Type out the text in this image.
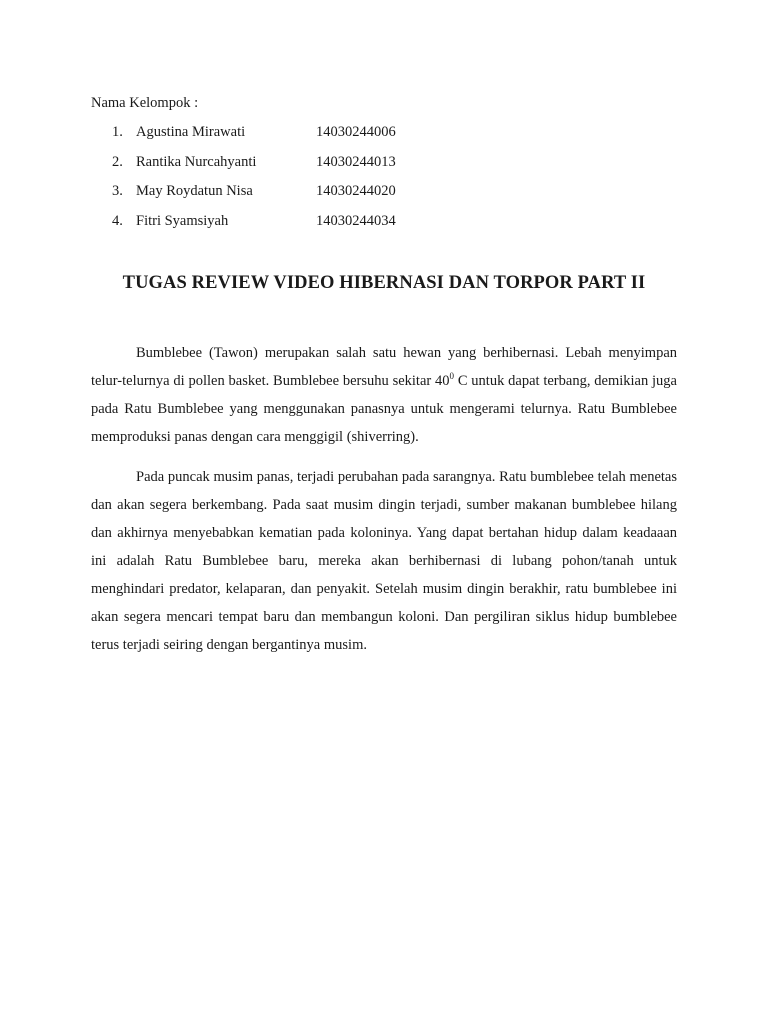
Nama Kelompok :
1. Agustina Mirawati	14030244006
2. Rantika Nurcahyanti	14030244013
3. May Roydatun Nisa	14030244020
4. Fitri Syamsiyah	14030244034
TUGAS REVIEW VIDEO HIBERNASI DAN TORPOR PART II

Bumblebee (Tawon) merupakan salah satu hewan yang berhibernasi. Lebah menyimpan telur-telurnya di pollen basket. Bumblebee bersuhu sekitar $40^0$ C untuk dapat terbang, demikian juga pada Ratu Bumblebee yang menggunakan panasnya untuk mengerami telurnya. Ratu Bumblebee memproduksi panas dengan cara menggigil (shiverring).

Pada puncak musim panas, terjadi perubahan pada sarangnya. Ratu bumblebee telah menetas dan akan segera berkembang. Pada saat musim dingin terjadi, sumber makanan bumblebee hilang dan akhirnya menyebabkan kematian pada koloninya. Yang dapat bertahan hidup dalam keadaaan ini adalah Ratu Bumblebee baru, mereka akan berhibernasi di lubang pohon/tanah untuk menghindari predator, kelaparan, dan penyakit. Setelah musim dingin berakhir, ratu bumblebee ini akan segera mencari tempat baru dan membangun koloni. Dan pergiliran siklus hidup bumblebee terus terjadi seiring dengan bergantinya musim.
